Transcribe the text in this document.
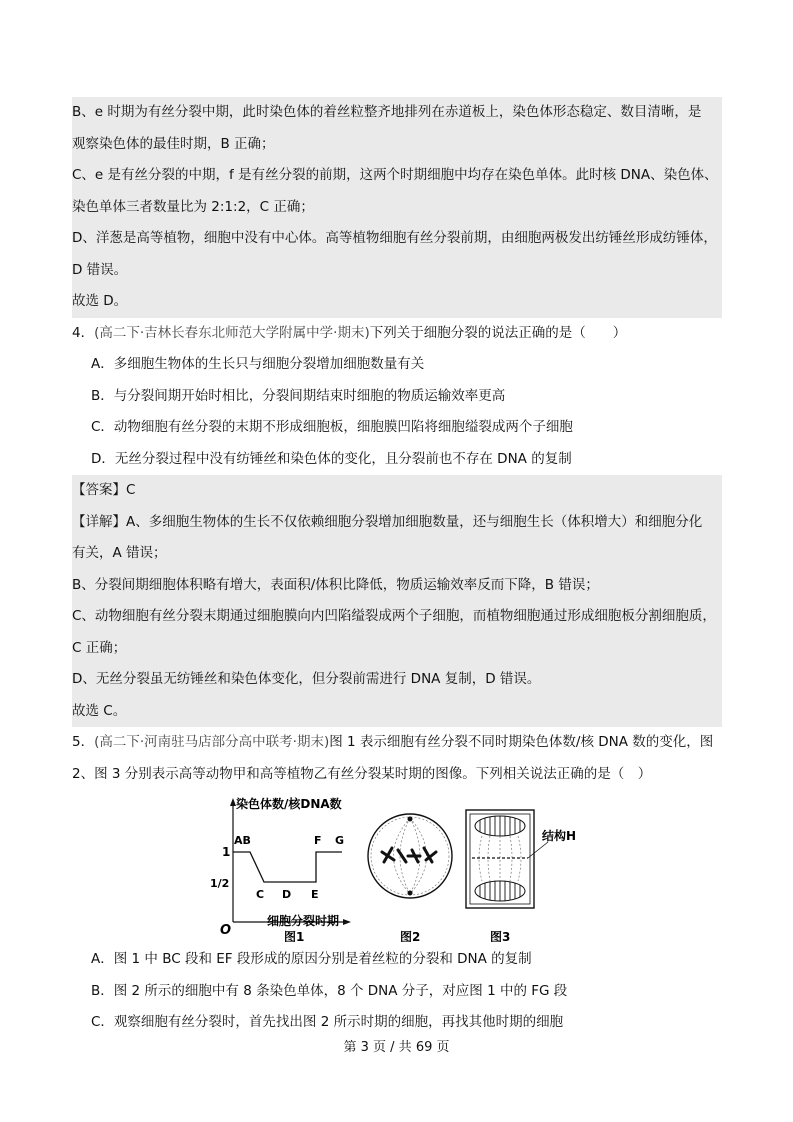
B、e 时期为有丝分裂中期，此时染色体的着丝粒整齐地排列在赤道板上，染色体形态稳定、数目清晰，是
观察染色体的最佳时期，B 正确；
C、e 是有丝分裂的中期，f 是有丝分裂的前期，这两个时期细胞中均存在染色单体。此时核 DNA、染色体、
染色单体三者数量比为 2:1:2，C 正确；
D、洋葱是高等植物，细胞中没有中心体。高等植物细胞有丝分裂前期，由细胞两极发出纺锤丝形成纺锤体，
D 错误。
故选 D。
4．(高二下·吉林长春东北师范大学附属中学·期末)下列关于细胞分裂的说法正确的是（　　）
A．多细胞生物体的生长只与细胞分裂增加细胞数量有关
B．与分裂间期开始时相比，分裂间期结束时细胞的物质运输效率更高
C．动物细胞有丝分裂的末期不形成细胞板，细胞膜凹陷将细胞缢裂成两个子细胞
D．无丝分裂过程中没有纺锤丝和染色体的变化，且分裂前也不存在 DNA 的复制
【答案】C
【详解】A、多细胞生物体的生长不仅依赖细胞分裂增加细胞数量，还与细胞生长（体积增大）和细胞分化
有关，A 错误；
B、分裂间期细胞体积略有增大，表面积/体积比降低，物质运输效率反而下降，B 错误；
C、动物细胞有丝分裂末期通过细胞膜向内凹陷缢裂成两个子细胞，而植物细胞通过形成细胞板分割细胞质，
C 正确；
D、无丝分裂虽无纺锤丝和染色体变化，但分裂前需进行 DNA 复制，D 错误。
故选 C。
5．(高二下·河南驻马店部分高中联考·期末)图 1 表示细胞有丝分裂不同时期染色体数/核 DNA 数的变化，图
2、图 3 分别表示高等动物甲和高等植物乙有丝分裂某时期的图像。下列相关说法正确的是（　）
染色体数/核DNA数
1
1/2
O
AB
C D E
F G
细胞分裂时期
结构H
图1	图2	图3
A．图 1 中 BC 段和 EF 段形成的原因分别是着丝粒的分裂和 DNA 的复制
B．图 2 所示的细胞中有 8 条染色单体，8 个 DNA 分子，对应图 1 中的 FG 段
C．观察细胞有丝分裂时，首先找出图 2 所示时期的细胞，再找其他时期的细胞
第 3 页 / 共 69 页
